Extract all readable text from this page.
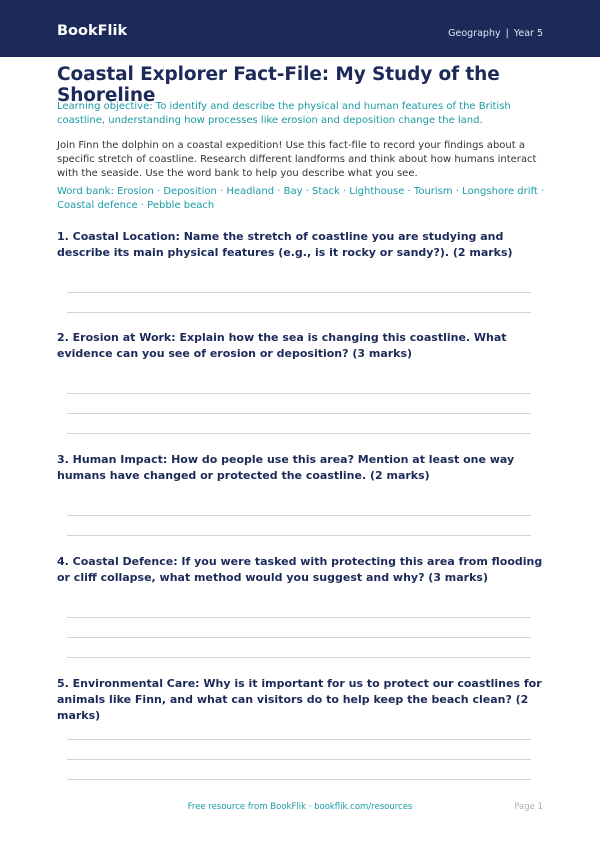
BookFlik	Geography | Year 5
Coastal Explorer Fact-File: My Study of the Shoreline
Learning objective: To identify and describe the physical and human features of the British coastline, understanding how processes like erosion and deposition change the land.
Join Finn the dolphin on a coastal expedition! Use this fact-file to record your findings about a specific stretch of coastline. Research different landforms and think about how humans interact with the seaside. Use the word bank to help you describe what you see.
Word bank: Erosion · Deposition · Headland · Bay · Stack · Lighthouse · Tourism · Longshore drift · Coastal defence · Pebble beach
1. Coastal Location: Name the stretch of coastline you are studying and describe its main physical features (e.g., is it rocky or sandy?). (2 marks)
2. Erosion at Work: Explain how the sea is changing this coastline. What evidence can you see of erosion or deposition? (3 marks)
3. Human Impact: How do people use this area? Mention at least one way humans have changed or protected the coastline. (2 marks)
4. Coastal Defence: If you were tasked with protecting this area from flooding or cliff collapse, what method would you suggest and why? (3 marks)
5. Environmental Care: Why is it important for us to protect our coastlines for animals like Finn, and what can visitors do to help keep the beach clean? (2 marks)
Free resource from BookFlik · bookflik.com/resources	Page 1
